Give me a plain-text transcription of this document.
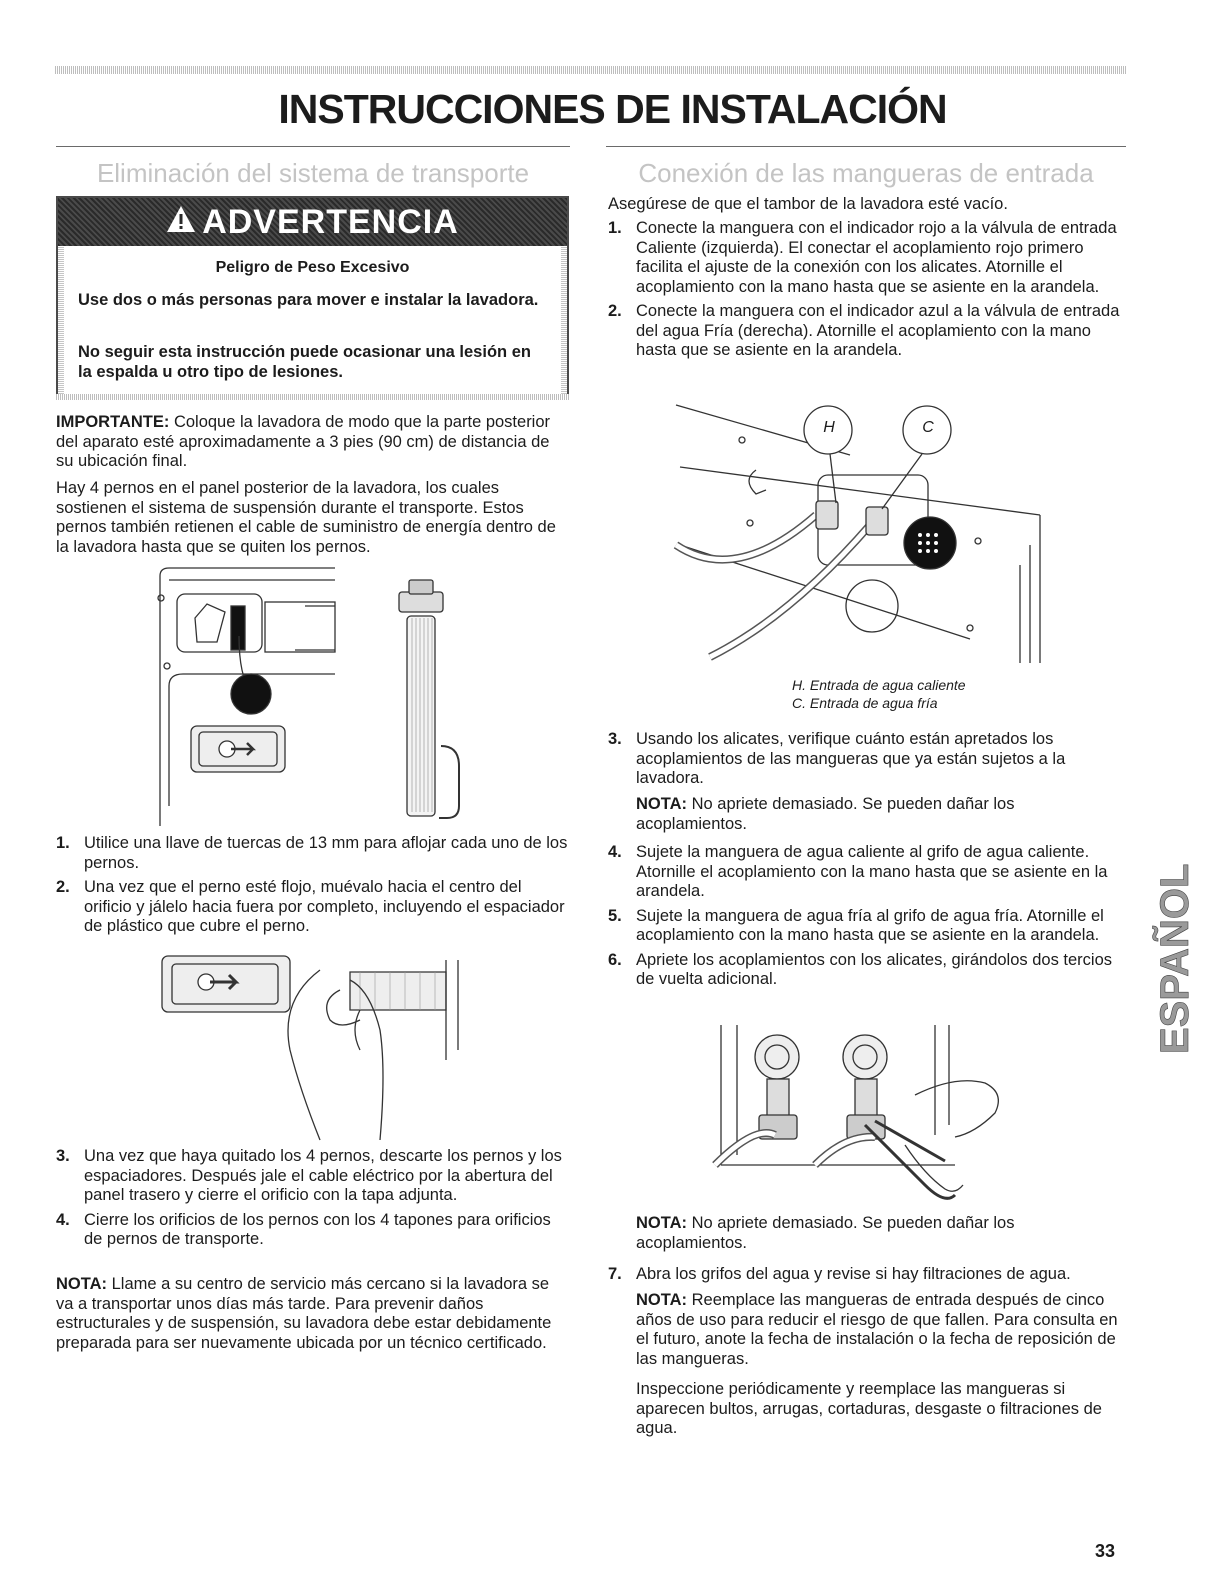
INSTRUCCIONES DE INSTALACIÓN
Eliminación del sistema de transporte
ADVERTENCIA
Peligro de Peso Excesivo
Use dos o más personas para mover e instalar la lavadora.
No seguir esta instrucción puede ocasionar una lesión en la espalda u otro tipo de lesiones.
IMPORTANTE: Coloque la lavadora de modo que la parte posterior del aparato esté aproximadamente a 3 pies (90 cm) de distancia de su ubicación final.
Hay 4 pernos en el panel posterior de la lavadora, los cuales sostienen el sistema de suspensión durante el transporte. Estos pernos también retienen el cable de suministro de energía dentro de la lavadora hasta que se quiten los pernos.
1. Utilice una llave de tuercas de 13 mm para aflojar cada uno de los pernos.
2. Una vez que el perno esté flojo, muévalo hacia el centro del orificio y jálelo hacia fuera por completo, incluyendo el espaciador de plástico que cubre el perno.
3. Una vez que haya quitado los 4 pernos, descarte los pernos y los espaciadores. Después jale el cable eléctrico por la abertura del panel trasero y cierre el orificio con la tapa adjunta.
4. Cierre los orificios de los pernos con los 4 tapones para orificios de pernos de transporte.
NOTA: Llame a su centro de servicio más cercano si la lavadora se va a transportar unos días más tarde. Para prevenir daños estructurales y de suspensión, su lavadora debe estar debidamente preparada para ser nuevamente ubicada por un técnico certificado.
Conexión de las mangueras de entrada
Asegúrese de que el tambor de la lavadora esté vacío.
1. Conecte la manguera con el indicador rojo a la válvula de entrada Caliente (izquierda). El conectar el acoplamiento rojo primero facilita el ajuste de la conexión con los alicates. Atornille el acoplamiento con la mano hasta que se asiente en la arandela.
2. Conecte la manguera con el indicador azul a la válvula de entrada del agua Fría (derecha). Atornille el acoplamiento con la mano hasta que se asiente en la arandela.
H	C
H. Entrada de agua caliente
C. Entrada de agua fría
3. Usando los alicates, verifique cuánto están apretados los acoplamientos de las mangueras que ya están sujetos a la lavadora.
NOTA: No apriete demasiado. Se pueden dañar los acoplamientos.
4. Sujete la manguera de agua caliente al grifo de agua caliente. Atornille el acoplamiento con la mano hasta que se asiente en la arandela.
5. Sujete la manguera de agua fría al grifo de agua fría. Atornille el acoplamiento con la mano hasta que se asiente en la arandela.
6. Apriete los acoplamientos con los alicates, girándolos dos tercios de vuelta adicional.
NOTA: No apriete demasiado. Se pueden dañar los acoplamientos.
7. Abra los grifos del agua y revise si hay filtraciones de agua.
NOTA: Reemplace las mangueras de entrada después de cinco años de uso para reducir el riesgo de que fallen. Para consulta en el futuro, anote la fecha de instalación o la fecha de reposición de las mangueras.
Inspeccione periódicamente y reemplace las mangueras si aparecen bultos, arrugas, cortaduras, desgaste o filtraciones de agua.
ESPAÑOL
33
